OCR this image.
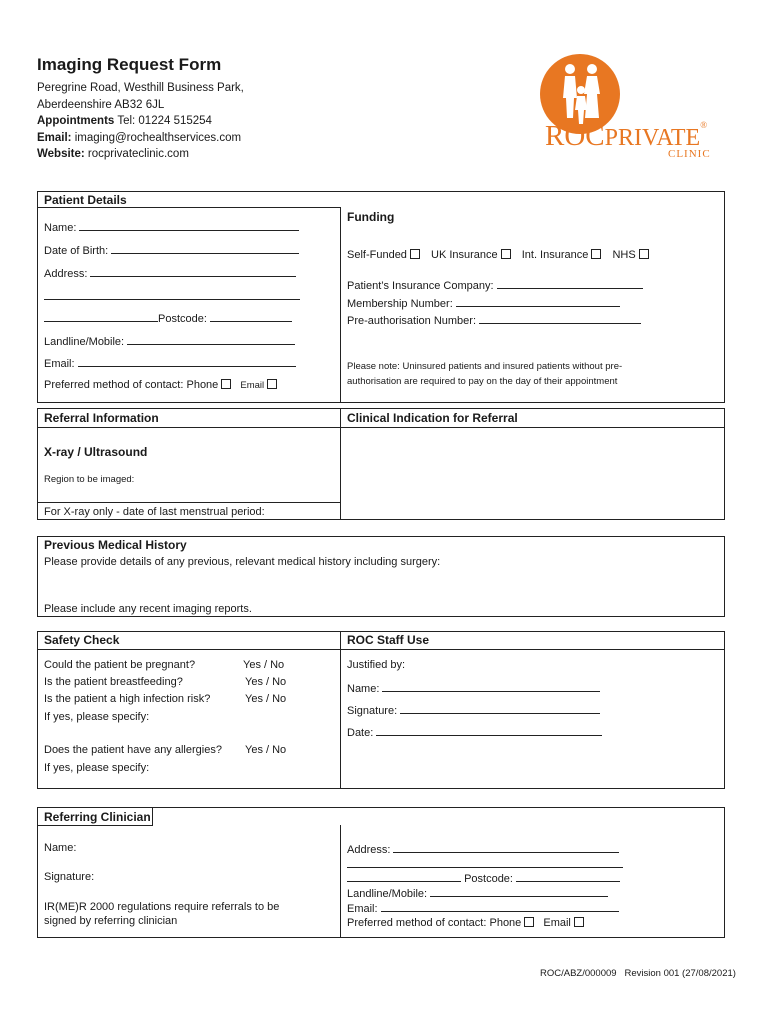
Imaging Request Form
Peregrine Road, Westhill Business Park,
Aberdeenshire AB32 6JL
Appointments Tel: 01224 515254
Email: imaging@rochealthservices.com
Website: rocprivateclinic.com
ROCPRIVATE®
CLINIC
Patient Details
Name:
Date of Birth:
Address:
Postcode:
Landline/Mobile:
Email:
Preferred method of contact: Phone Email
Funding
Self-Funded UK Insurance Int. Insurance NHS
Patient’s Insurance Company:
Membership Number:
Pre-authorisation Number:
Please note: Uninsured patients and insured patients without pre-
authorisation are required to pay on the day of their appointment
Referral Information	Clinical Indication for Referral
X-ray / Ultrasound
Region to be imaged:
For X-ray only - date of last menstrual period:
Previous Medical History
Please provide details of any previous, relevant medical history including surgery:
Please include any recent imaging reports.
Safety Check	ROC Staff Use
Could the patient be pregnant?	Yes / No
Is the patient breastfeeding?	Yes / No
Is the patient a high infection risk?	Yes / No
If yes, please specify:
Does the patient have any allergies? Yes / No
If yes, please specify:
Justified by:
Name:
Signature:
Date:
Referring Clinician
Name:
Signature:
IR(ME)R 2000 regulations require referrals to be
signed by referring clinician
Address:
Postcode:
Landline/Mobile:
Email:
Preferred method of contact: Phone Email
ROC/ABZ/000009 Revision 001 (27/08/2021)
